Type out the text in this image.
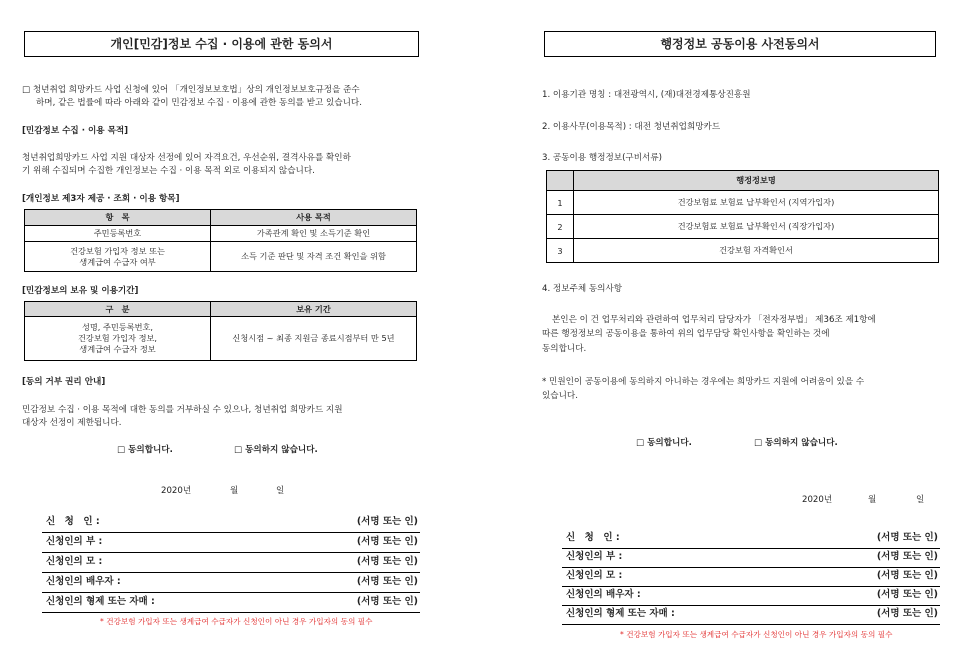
개인[민감]정보 수집 · 이용에 관한 동의서
□ 청년취업 희망카드 사업 신청에 있어 「개인정보보호법」상의 개인정보보호규정을 준수
하며, 같은 법률에 따라 아래와 같이 민감정보 수집 · 이용에 관한 동의를 받고 있습니다.
[민감정보 수집 · 이용 목적]
청년취업희망카드 사업 지원 대상자 선정에 있어 자격요건, 우선순위, 결격사유를 확인하
기 위해 수집되며 수집한 개인정보는 수집 · 이용 목적 외로 이용되지 않습니다.
[개인정보 제3자 제공 · 조회 · 이용 항목]
항　목	사용 목적
주민등록번호	가족관계 확인 및 소득기준 확인

건강보험 가입자 정보 또는
생계급여 수급자 여부	소득 기준 판단 및 자격 조건 확인을 위함
[민감정보의 보유 및 이용기간]
구　분	보유 기간

성명, 주민등록번호,
건강보험 가입자 정보,
생계급여 수급자 정보	신청시점 ~ 최종 지원금 종료시점부터 만 5년
[동의 거부 권리 안내]
민감정보 수집 · 이용 목적에 대한 동의를 거부하실 수 있으나, 청년취업 희망카드 지원
대상자 선정이 제한됩니다.
□ 동의합니다.	□ 동의하지 않습니다.
2020년	월	일
신　청　인 :	(서명 또는 인)
신청인의 부 :	(서명 또는 인)
신청인의 모 :	(서명 또는 인)
신청인의 배우자 :	(서명 또는 인)
신청인의 형제 또는 자매 :	(서명 또는 인)
* 건강보험 가입자 또는 생계급여 수급자가 신청인이 아닌 경우 가입자의 동의 필수
행정정보 공동이용 사전동의서
1. 이용기관 명칭 : 대전광역시, (재)대전경제통상진흥원
2. 이용사무(이용목적) : 대전 청년취업희망카드
3. 공동이용 행정정보(구비서류)
	행정정보명
1	건강보험료 보험료 납부확인서 (지역가입자)
2	건강보험료 보험료 납부확인서 (직장가입자)
3	건강보험 자격확인서
4. 정보주체 동의사항
본인은 이 건 업무처리와 관련하여 업무처리 담당자가 「전자정부법」 제36조 제1항에
따른 행정정보의 공동이용을 통하여 위의 업무담당 확인사항을 확인하는 것에
동의합니다.
* 민원인이 공동이용에 동의하지 아니하는 경우에는 희망카드 지원에 어려움이 있을 수
있습니다.
□ 동의합니다.	□ 동의하지 않습니다.
2020년	월	일
신　청　인 :	(서명 또는 인)
신청인의 부 :	(서명 또는 인)
신청인의 모 :	(서명 또는 인)
신청인의 배우자 :	(서명 또는 인)
신청인의 형제 또는 자매 :	(서명 또는 인)
* 건강보험 가입자 또는 생계급여 수급자가 신청인이 아닌 경우 가입자의 동의 필수
